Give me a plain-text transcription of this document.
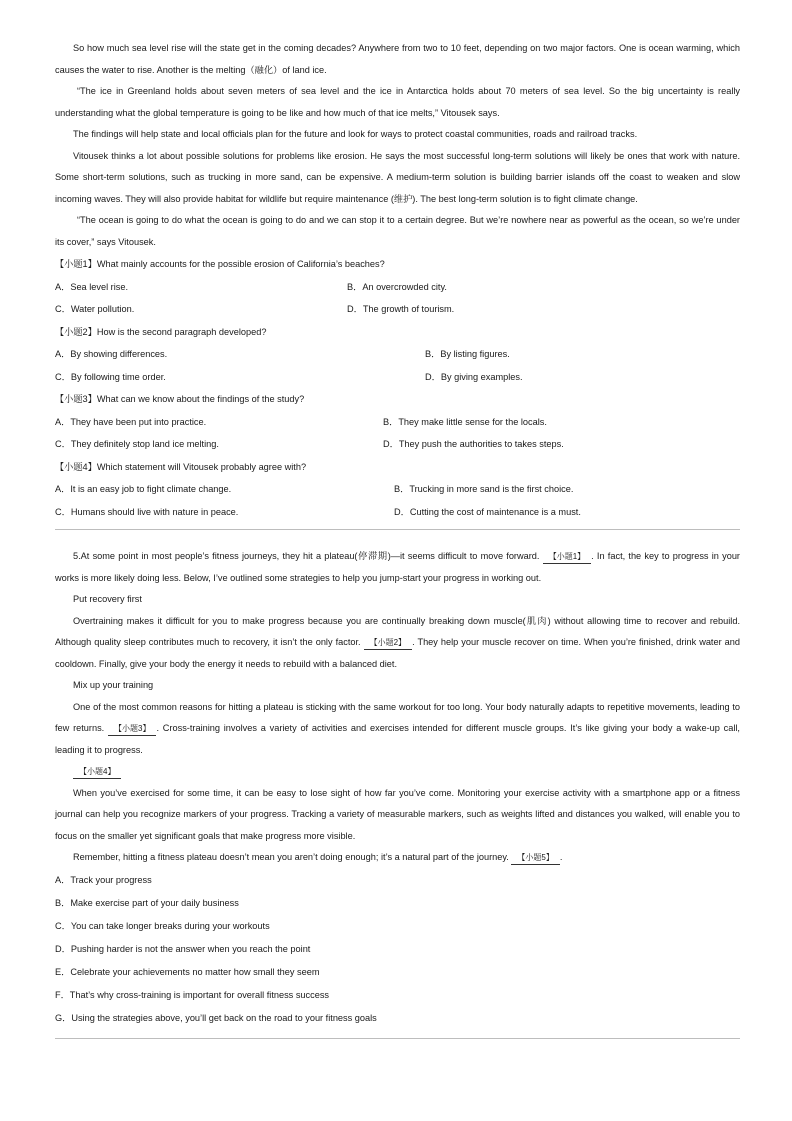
So how much sea level rise will the state get in the coming decades? Anywhere from two to 10 feet, depending on two major factors. One is ocean warming, which causes the water to rise. Another is the melting（融化）of land ice.

“The ice in Greenland holds about seven meters of sea level and the ice in Antarctica holds about 70 meters of sea level. So the big uncertainty is really understanding what the global temperature is going to be like and how much of that ice melts,” Vitousek says.

The findings will help state and local officials plan for the future and look for ways to protect coastal communities, roads and railroad tracks.

Vitousek thinks a lot about possible solutions for problems like erosion. He says the most successful long-term solutions will likely be ones that work with nature. Some short-term solutions, such as trucking in more sand, can be expensive. A medium-term solution is building barrier islands off the coast to weaken and slow incoming waves. They will also provide habitat for wildlife but require maintenance (维护). The best long-term solution is to fight climate change.

“The ocean is going to do what the ocean is going to do and we can stop it to a certain degree. But we’re nowhere near as powerful as the ocean, so we’re under its cover,” says Vitousek.

【小题1】What mainly accounts for the possible erosion of California’s beaches?
A．Sea level rise.	B．An overcrowded city.
C．Water pollution.	D．The growth of tourism.
【小题2】How is the second paragraph developed?
A．By showing differences.	B．By listing figures.
C．By following time order.	D．By giving examples.
【小题3】What can we know about the findings of the study?
A．They have been put into practice.	B．They make little sense for the locals.
C．They definitely stop land ice melting.	D．They push the authorities to takes steps.
【小题4】Which statement will Vitousek probably agree with?
A．It is an easy job to fight climate change.	B．Trucking in more sand is the first choice.
C．Humans should live with nature in peace.	D．Cutting the cost of maintenance is a must.

5.At some point in most people’s fitness journeys, they hit a plateau(停滞期)—it seems difficult to move forward. 【小题1】 . In fact, the key to progress in your works is more likely doing less. Below, I’ve outlined some strategies to help you jump-start your progress in working out.

Put recovery first

Overtraining makes it difficult for you to make progress because you are continually breaking down muscle(肌肉) without allowing time to recover and rebuild. Although quality sleep contributes much to recovery, it isn’t the only factor. 【小题2】 . They help your muscle recover on time. When you’re finished, drink water and cooldown. Finally, give your body the energy it needs to rebuild with a balanced diet.

Mix up your training

One of the most common reasons for hitting a plateau is sticking with the same workout for too long. Your body naturally adapts to repetitive movements, leading to few returns. 【小题3】 . Cross-training involves a variety of activities and exercises intended for different muscle groups. It’s like giving your body a wake-up call, leading it to progress.

【小题4】

When you’ve exercised for some time, it can be easy to lose sight of how far you’ve come. Monitoring your exercise activity with a smartphone app or a fitness journal can help you recognize markers of your progress. Tracking a variety of measurable markers, such as weights lifted and distances you walked, will enable you to focus on the smaller yet significant goals that make progress more visible.

Remember, hitting a fitness plateau doesn’t mean you aren’t doing enough; it’s a natural part of the journey. 【小题5】 .

A．Track your progress
B．Make exercise part of your daily business
C．You can take longer breaks during your workouts
D．Pushing harder is not the answer when you reach the point
E．Celebrate your achievements no matter how small they seem
F．That’s why cross-training is important for overall fitness success
G．Using the strategies above, you’ll get back on the road to your fitness goals
